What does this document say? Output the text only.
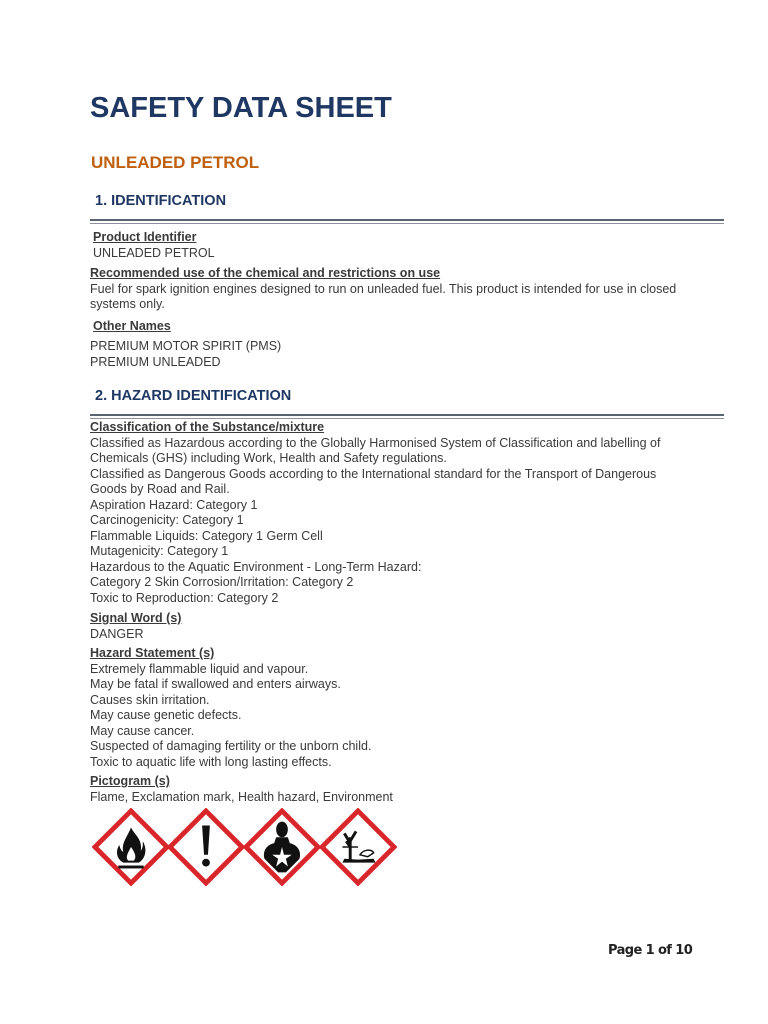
SAFETY DATA SHEET
UNLEADED PETROL
1. IDENTIFICATION
Product Identifier
UNLEADED PETROL
Recommended use of the chemical and restrictions on use
Fuel for spark ignition engines designed to run on unleaded fuel. This product is intended for use in closed
systems only.
Other Names
PREMIUM MOTOR SPIRIT (PMS)
PREMIUM UNLEADED
2. HAZARD IDENTIFICATION
Classification of the Substance/mixture
Classified as Hazardous according to the Globally Harmonised System of Classification and labelling of
Chemicals (GHS) including Work, Health and Safety regulations.
Classified as Dangerous Goods according to the International standard for the Transport of Dangerous
Goods by Road and Rail.
Aspiration Hazard: Category 1
Carcinogenicity: Category 1
Flammable Liquids: Category 1 Germ Cell
Mutagenicity: Category 1
Hazardous to the Aquatic Environment - Long-Term Hazard:
Category 2 Skin Corrosion/Irritation: Category 2
Toxic to Reproduction: Category 2
Signal Word (s)
DANGER
Hazard Statement (s)
Extremely flammable liquid and vapour.
May be fatal if swallowed and enters airways.
Causes skin irritation.
May cause genetic defects.
May cause cancer.
Suspected of damaging fertility or the unborn child.
Toxic to aquatic life with long lasting effects.
Pictogram (s)
Flame, Exclamation mark, Health hazard, Environment
Page 1 of 10
